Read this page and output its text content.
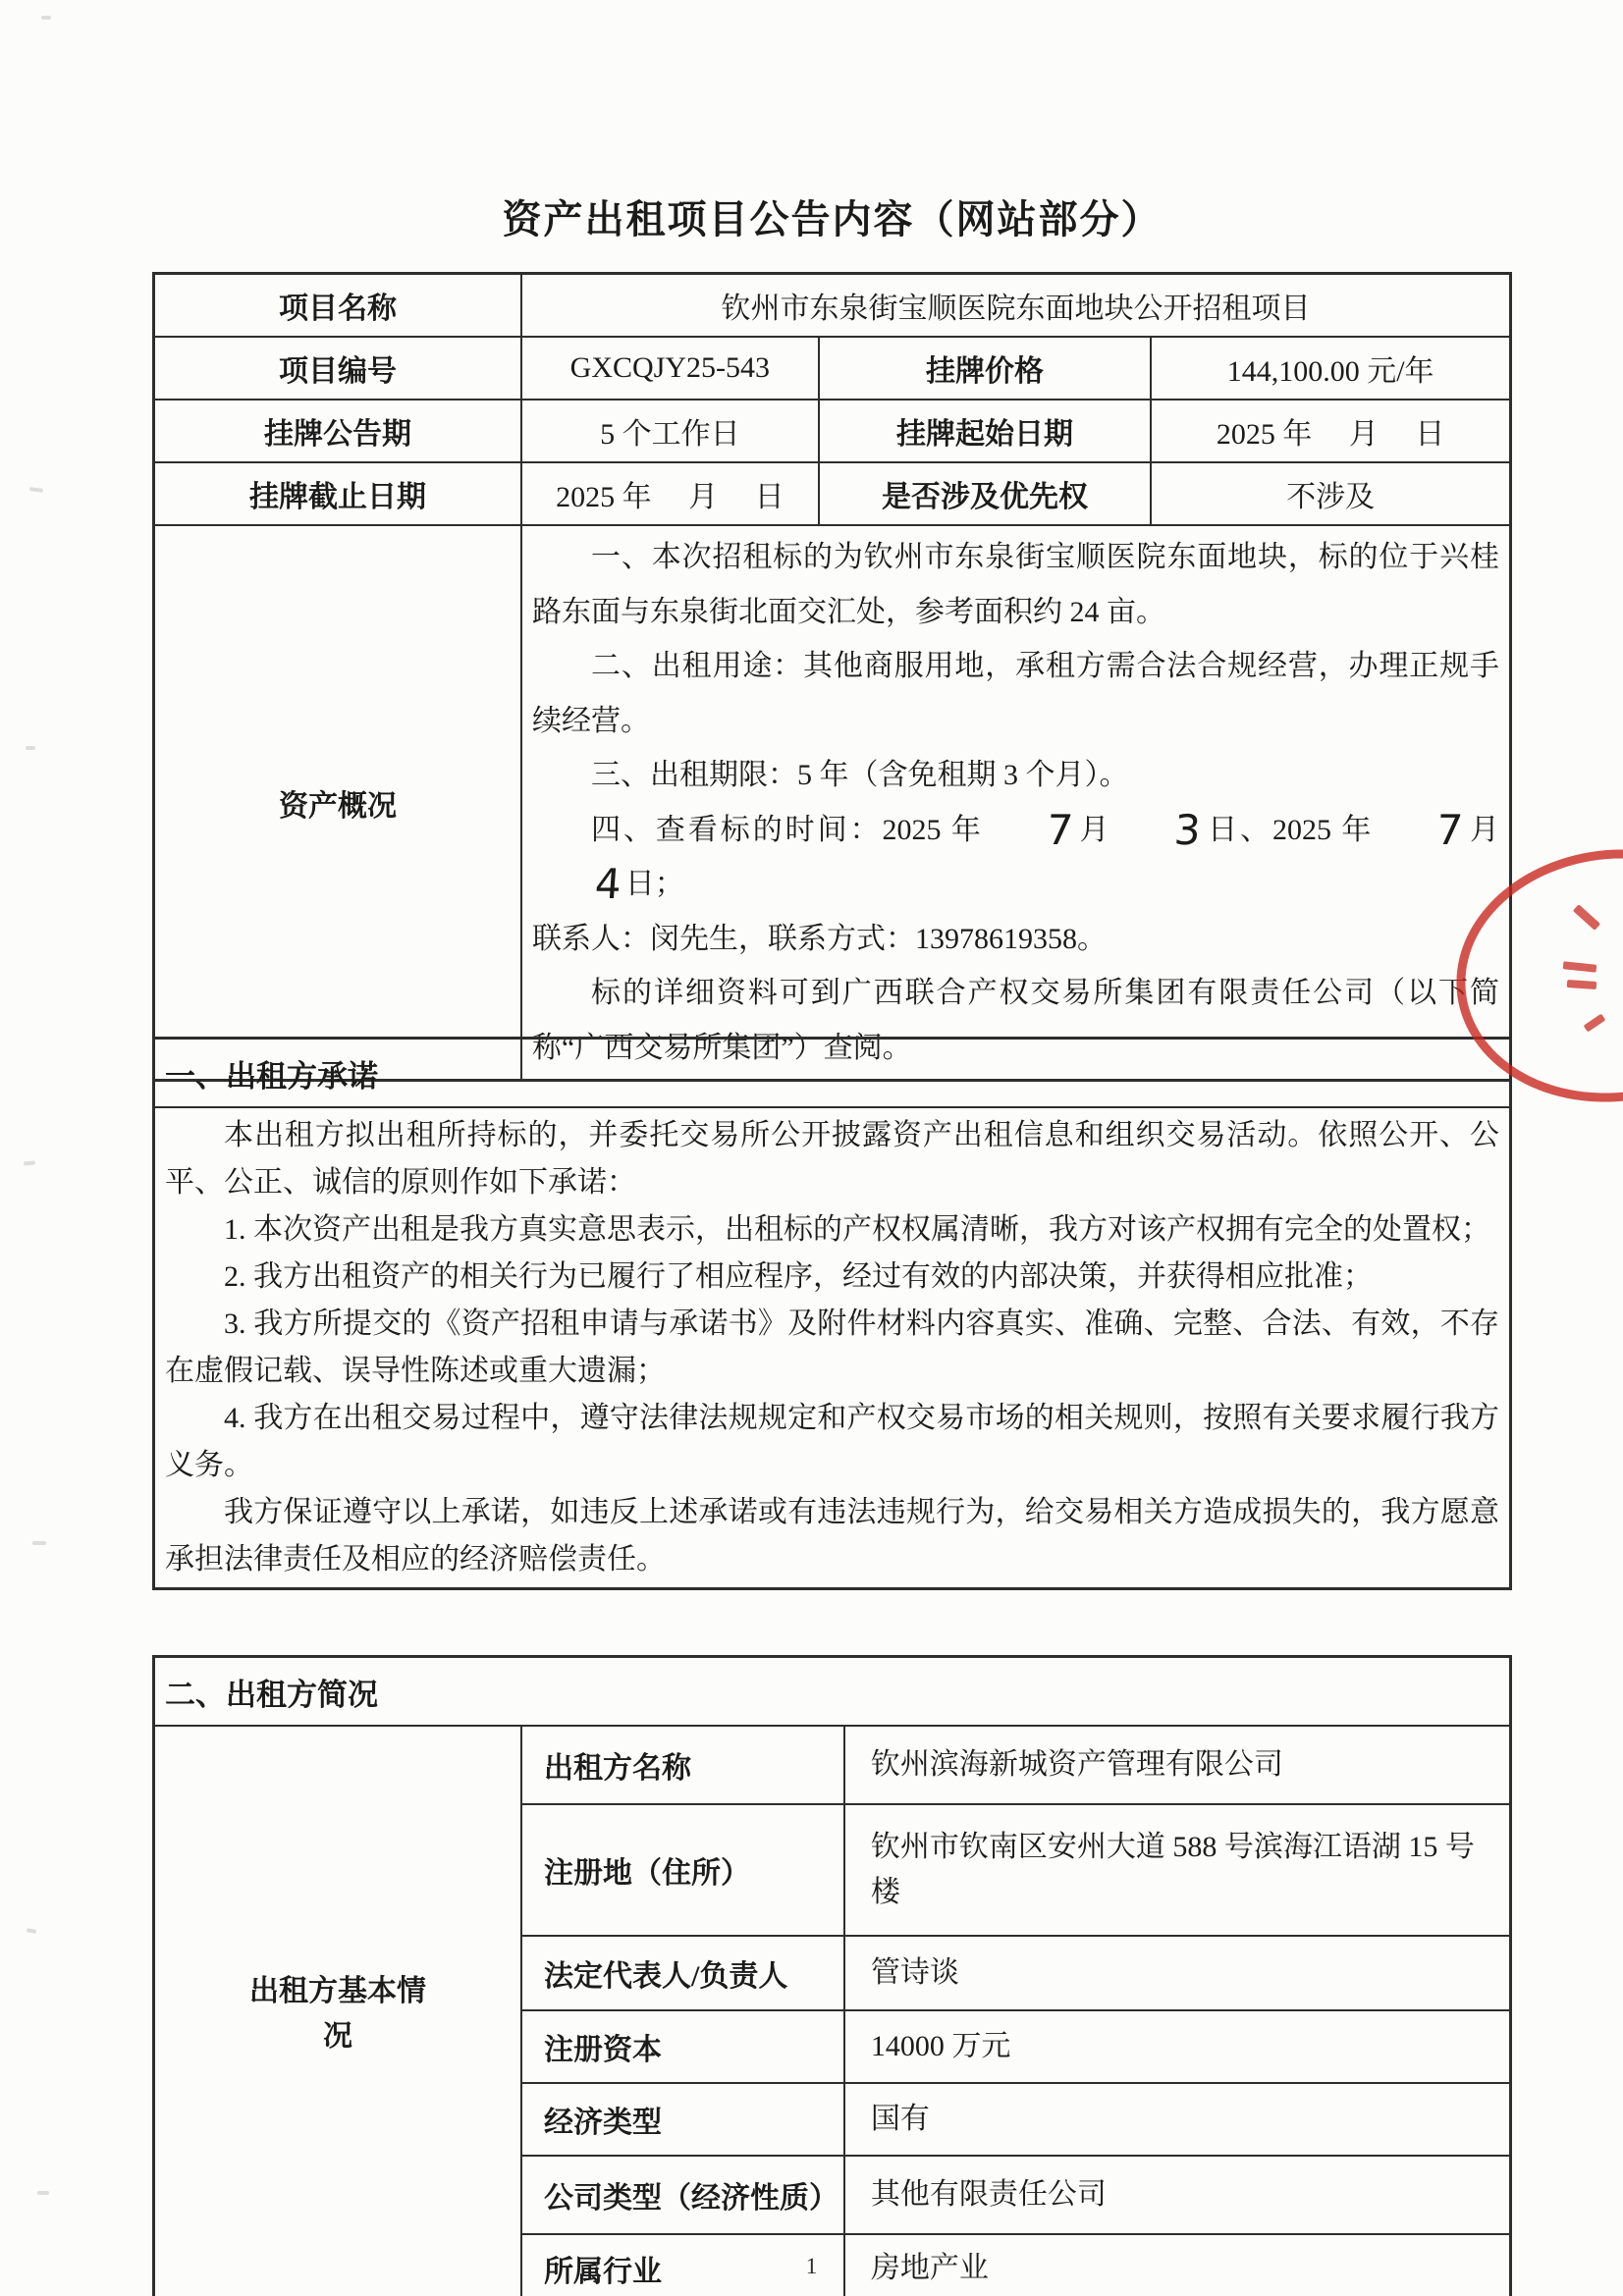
资产出租项目公告内容（网站部分）
项目名称	钦州市东泉街宝顺医院东面地块公开招租项目		
项目编号	GXCQJY25-543	挂牌价格	144,100.00 元/年
挂牌公告期	5 个工作日	挂牌起始日期	2025 年　 月　 日
挂牌截止日期	2025 年　 月　 日	是否涉及优先权	不涉及
资产概况	

一、本次招租标的为钦州市东泉街宝顺医院东面地块，标的位于兴桂路东面与东泉街北面交汇处，参考面积约 24 亩。

二、出租用途：其他商服用地，承租方需合法合规经营，办理正规手续经营。

三、出租期限：5 年（含免租期 3 个月）。

四、查看标的时间：2025 年 7月 3日、2025 年 7月4日；

联系人：闵先生，联系方式：13978619358。

标的详细资料可到广西联合产权交易所集团有限责任公司（以下简称“广西交易所集团”）查阅。

一、出租方承诺

本出租方拟出租所持标的，并委托交易所公开披露资产出租信息和组织交易活动。依照公开、公平、公正、诚信的原则作如下承诺：

1. 本次资产出租是我方真实意思表示，出租标的产权权属清晰，我方对该产权拥有完全的处置权；

2. 我方出租资产的相关行为已履行了相应程序，经过有效的内部决策，并获得相应批准；

3. 我方所提交的《资产招租申请与承诺书》及附件材料内容真实、准确、完整、合法、有效，不存在虚假记载、误导性陈述或重大遗漏；

4. 我方在出租交易过程中，遵守法律法规规定和产权交易市场的相关规则，按照有关要求履行我方义务。

我方保证遵守以上承诺，如违反上述承诺或有违法违规行为，给交易相关方造成损失的，我方愿意承担法律责任及相应的经济赔偿责任。

二、出租方简况		
出租方基本情况	出租方名称	钦州滨海新城资产管理有限公司
	注册地（住所）	钦州市钦南区安州大道 588 号滨海江语湖 15 号楼
	法定代表人/负责人	管诗谈
	注册资本	14000 万元
	经济类型	国有
	公司类型（经济性质）	其他有限责任公司
	所属行业	房地产业
1
